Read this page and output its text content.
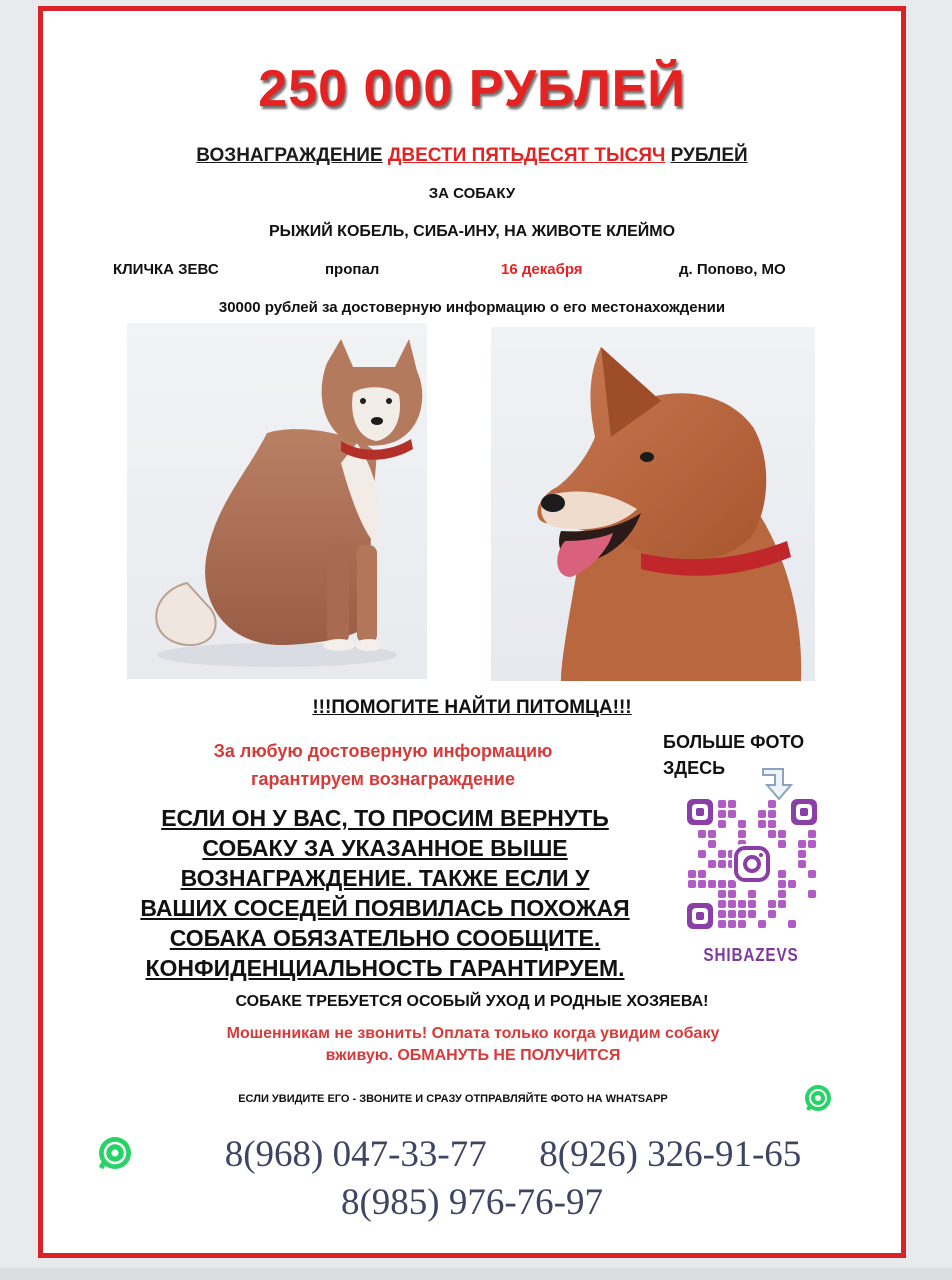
250 000 РУБЛЕЙ
ВОЗНАГРАЖДЕНИЕ ДВЕСТИ ПЯТЬДЕСЯТ ТЫСЯЧ РУБЛЕЙ
ЗА СОБАКУ
РЫЖИЙ КОБЕЛЬ, СИБА-ИНУ, НА ЖИВОТЕ КЛЕЙМО
КЛИЧКА ЗЕВС	пропал	16 декабря	д. Попово, МО
30000 рублей за достоверную информацию о его местонахождении
!!!ПОМОГИТЕ НАЙТИ ПИТОМЦА!!!
За любую достоверную информацию
гарантируем вознаграждение
ЕСЛИ ОН У ВАС, ТО ПРОСИМ ВЕРНУТЬ
СОБАКУ ЗА УКАЗАННОЕ ВЫШЕ
ВОЗНАГРАЖДЕНИЕ. ТАКЖЕ ЕСЛИ У
ВАШИХ СОСЕДЕЙ ПОЯВИЛАСЬ ПОХОЖАЯ
СОБАКА ОБЯЗАТЕЛЬНО СООБЩИТЕ.
КОНФИДЕНЦИАЛЬНОСТЬ ГАРАНТИРУЕМ.
БОЛЬШЕ ФОТО
ЗДЕСЬ
SHIBAZEVS
СОБАКЕ ТРЕБУЕТСЯ ОСОБЫЙ УХОД И РОДНЫЕ ХОЗЯЕВА!
Мошенникам не звонить! Оплата только когда увидим собаку
вживую. ОБМАНУТЬ НЕ ПОЛУЧИТСЯ
ЕСЛИ УВИДИТЕ ЕГО - ЗВОНИТЕ И СРАЗУ ОТПРАВЛЯЙТЕ ФОТО НА WHATSAPP
8(968) 047-33-77 8(926) 326-91-65
8(985) 976-76-97
